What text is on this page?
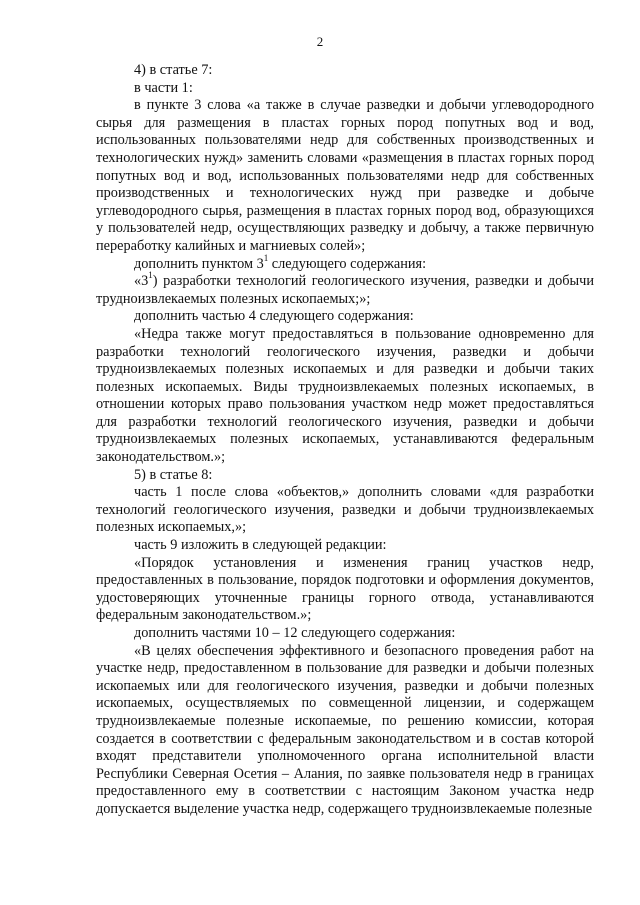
2

4) в статье 7:

в части 1:

в пункте 3 слова «а также в случае разведки и добычи углеводородного сырья для размещения в пластах горных пород попутных вод и вод, использованных пользователями недр для собственных производственных и технологических нужд» заменить словами «размещения в пластах горных пород попутных вод и вод, использованных пользователями недр для собственных производственных и технологических нужд при разведке и добыче углеводородного сырья, размещения в пластах горных пород вод, образующихся у пользователей недр, осуществляющих разведку и добычу, а также первичную переработку калийных и магниевых солей»;

дополнить пунктом $3^1$ следующего содержания:

«$3^1$) разработки технологий геологического изучения, разведки и добычи трудноизвлекаемых полезных ископаемых;»;

дополнить частью 4 следующего содержания:

«Недра также могут предоставляться в пользование одновременно для разработки технологий геологического изучения, разведки и добычи трудноизвлекаемых полезных ископаемых и для разведки и добычи таких полезных ископаемых. Виды трудноизвлекаемых полезных ископаемых, в отношении которых право пользования участком недр может предоставляться для разработки технологий геологического изучения, разведки и добычи трудноизвлекаемых полезных ископаемых, устанавливаются федеральным законодательством.»;

5) в статье 8:

часть 1 после слова «объектов,» дополнить словами «для разработки технологий геологического изучения, разведки и добычи трудноизвлекаемых полезных ископаемых,»;

часть 9 изложить в следующей редакции:

«Порядок установления и изменения границ участков недр, предоставленных в пользование, порядок подготовки и оформления документов, удостоверяющих уточненные границы горного отвода, устанавливаются федеральным законодательством.»;

дополнить частями 10 – 12 следующего содержания:

«В целях обеспечения эффективного и безопасного проведения работ на участке недр, предоставленном в пользование для разведки и добычи полезных ископаемых или для геологического изучения, разведки и добычи полезных ископаемых, осуществляемых по совмещенной лицензии, и содержащем трудноизвлекаемые полезные ископаемые, по решению комиссии, которая создается в соответствии с федеральным законодательством и в состав которой входят представители уполномоченного органа исполнительной власти Республики Северная Осетия – Алания, по заявке пользователя недр в границах предоставленного ему в соответствии с настоящим Законом участка недр допускается выделение участка недр, содержащего трудноизвлекаемые полезные
